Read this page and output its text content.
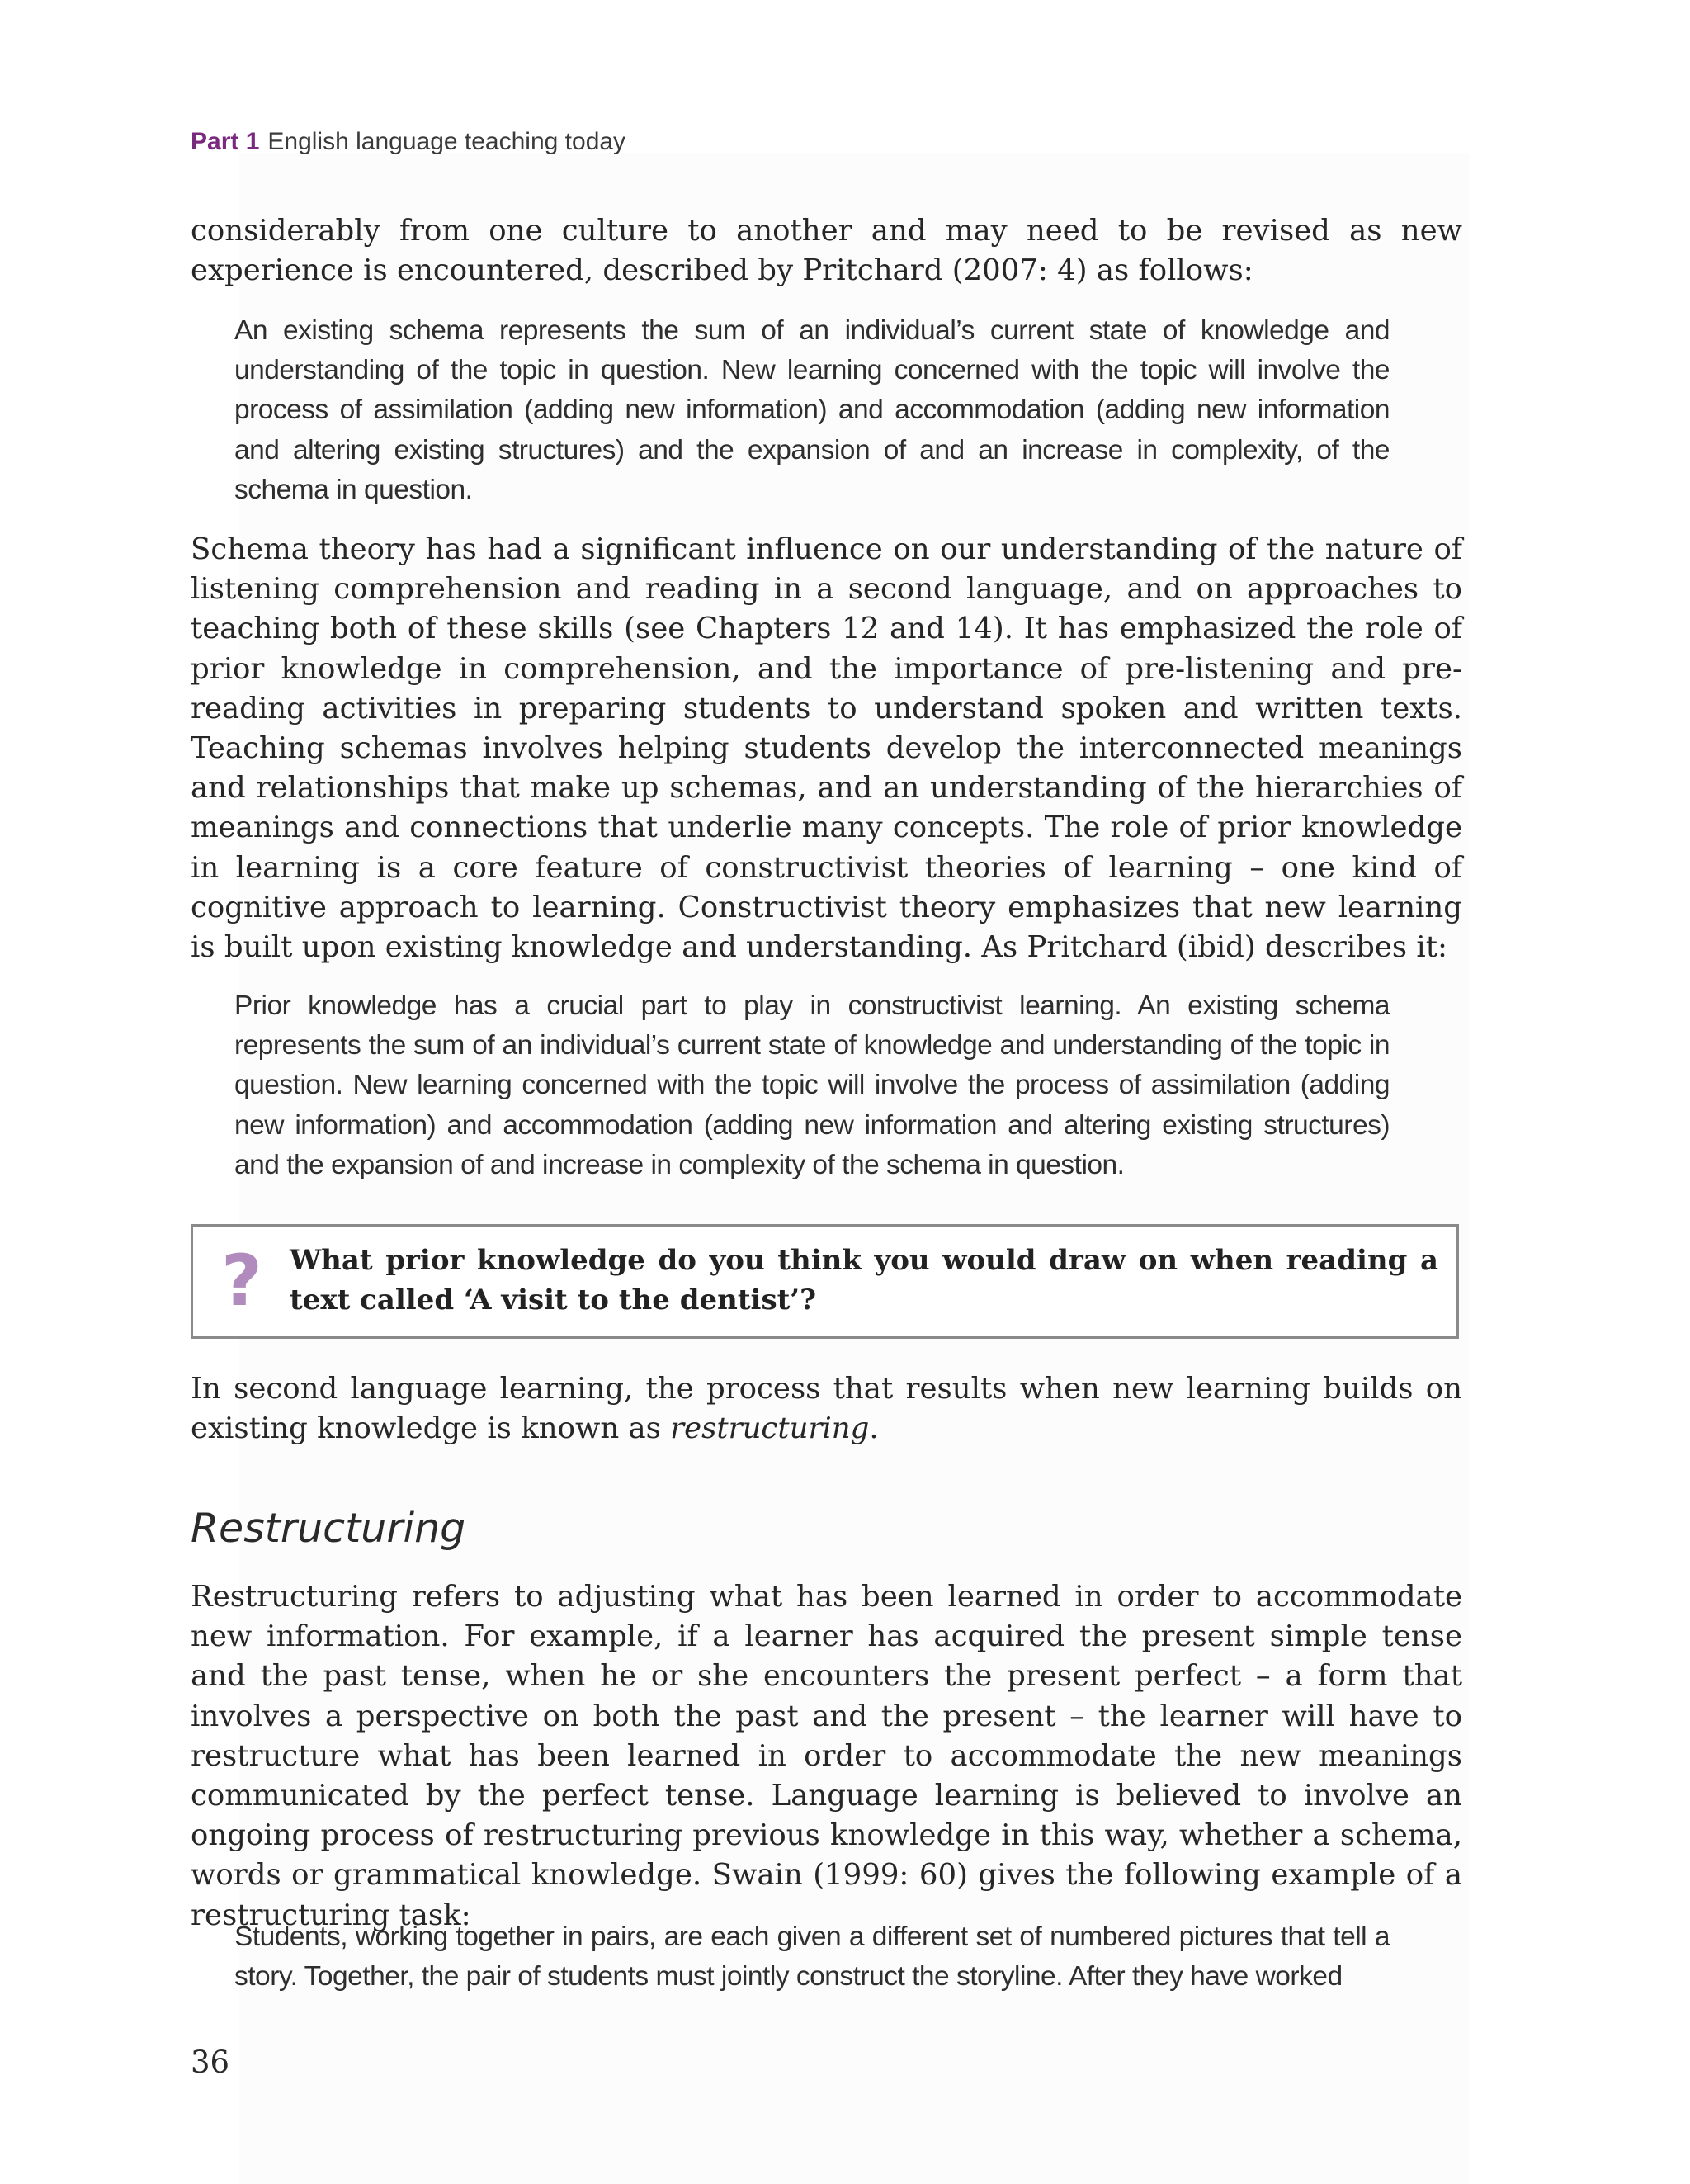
Part 1 English language teaching today

considerably from one culture to another and may need to be revised as new experience is encountered, described by Pritchard (2007: 4) as follows:

An existing schema represents the sum of an individual’s current state of knowledge and understanding of the topic in question. New learning concerned with the topic will involve the process of assimilation (adding new information) and accommodation (adding new information and altering existing structures) and the expansion of and an increase in complexity, of the schema in question.

Schema theory has had a significant influence on our understanding of the nature of listening comprehension and reading in a second language, and on approaches to teaching both of these skills (see Chapters 12 and 14). It has emphasized the role of prior knowledge in comprehension, and the importance of pre-listening and pre-reading activities in preparing students to understand spoken and written texts. Teaching schemas involves helping students develop the interconnected meanings and relationships that make up schemas, and an understanding of the hierarchies of meanings and connections that underlie many concepts. The role of prior knowledge in learning is a core feature of constructivist theories of learning – one kind of cognitive approach to learning. Constructivist theory emphasizes that new learning is built upon existing knowledge and understanding. As Pritchard (ibid) describes it:

Prior knowledge has a crucial part to play in constructivist learning. An existing schema represents the sum of an individual’s current state of knowledge and understanding of the topic in question. New learning concerned with the topic will involve the process of assimilation (adding new information) and accommodation (adding new information and altering existing structures) and the expansion of and increase in complexity of the schema in question.

? What prior knowledge do you think you would draw on when reading a text called ‘A visit to the dentist’?

In second language learning, the process that results when new learning builds on existing knowledge is known as restructuring.

Restructuring

Restructuring refers to adjusting what has been learned in order to accommodate new information. For example, if a learner has acquired the present simple tense and the past tense, when he or she encounters the present perfect – a form that involves a perspective on both the past and the present – the learner will have to restructure what has been learned in order to accommodate the new meanings communicated by the perfect tense. Language learning is believed to involve an ongoing process of restructuring previous knowledge in this way, whether a schema, words or grammatical knowledge. Swain (1999: 60) gives the following example of a restructuring task:

Students, working together in pairs, are each given a different set of numbered pictures that tell a story. Together, the pair of students must jointly construct the storyline. After they have worked

36
